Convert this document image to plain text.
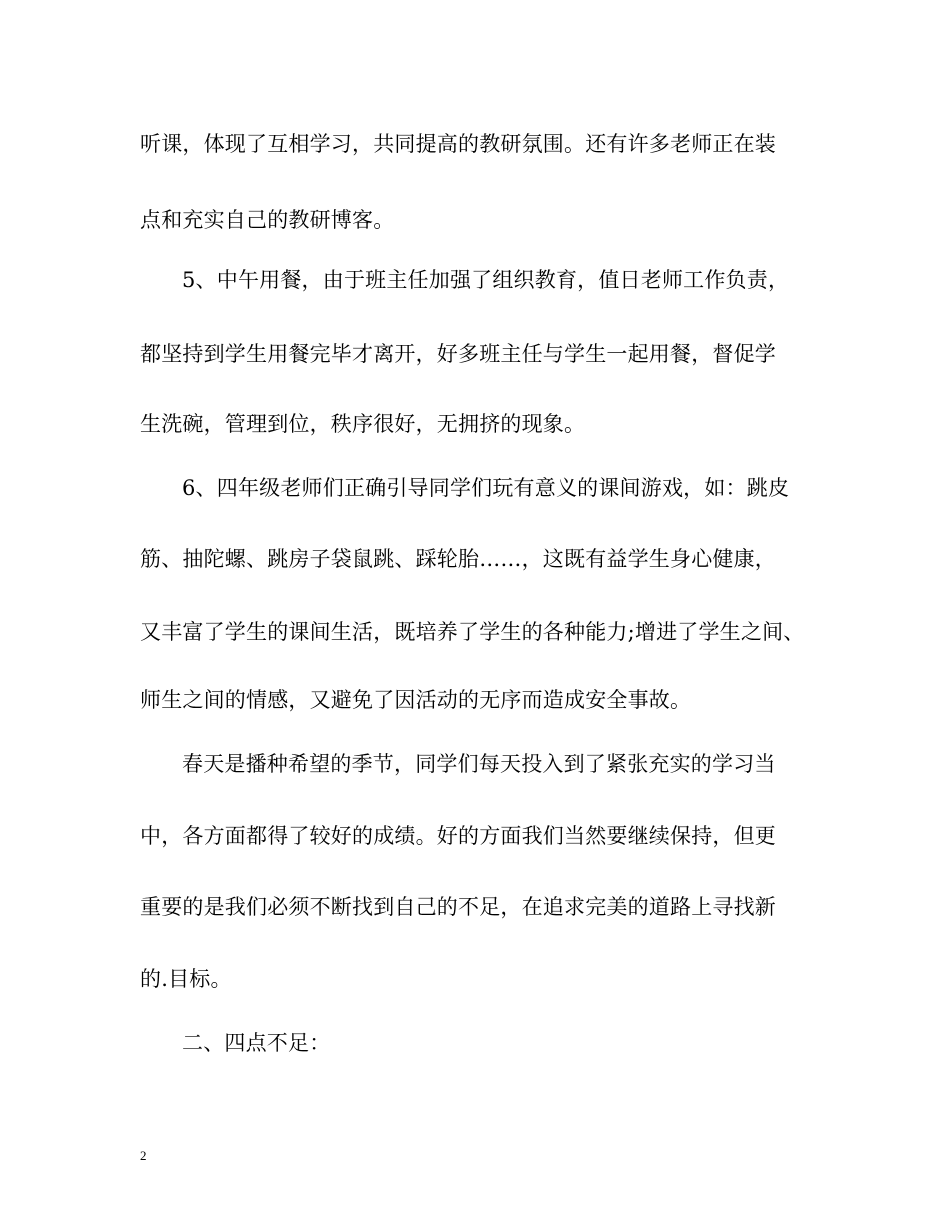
听课，体现了互相学习，共同提高的教研氛围。还有许多老师正在装
点和充实自己的教研博客。
5、中午用餐，由于班主任加强了组织教育，值日老师工作负责，
都坚持到学生用餐完毕才离开，好多班主任与学生一起用餐，督促学
生洗碗，管理到位，秩序很好，无拥挤的现象。
6、四年级老师们正确引导同学们玩有意义的课间游戏，如：跳皮
筋、抽陀螺、跳房子袋鼠跳、踩轮胎……，这既有益学生身心健康，
又丰富了学生的课间生活，既培养了学生的各种能力;增进了学生之间、
师生之间的情感，又避免了因活动的无序而造成安全事故。
春天是播种希望的季节，同学们每天投入到了紧张充实的学习当
中，各方面都得了较好的成绩。好的方面我们当然要继续保持，但更
重要的是我们必须不断找到自己的不足，在追求完美的道路上寻找新
的.目标。
二、四点不足：
2
